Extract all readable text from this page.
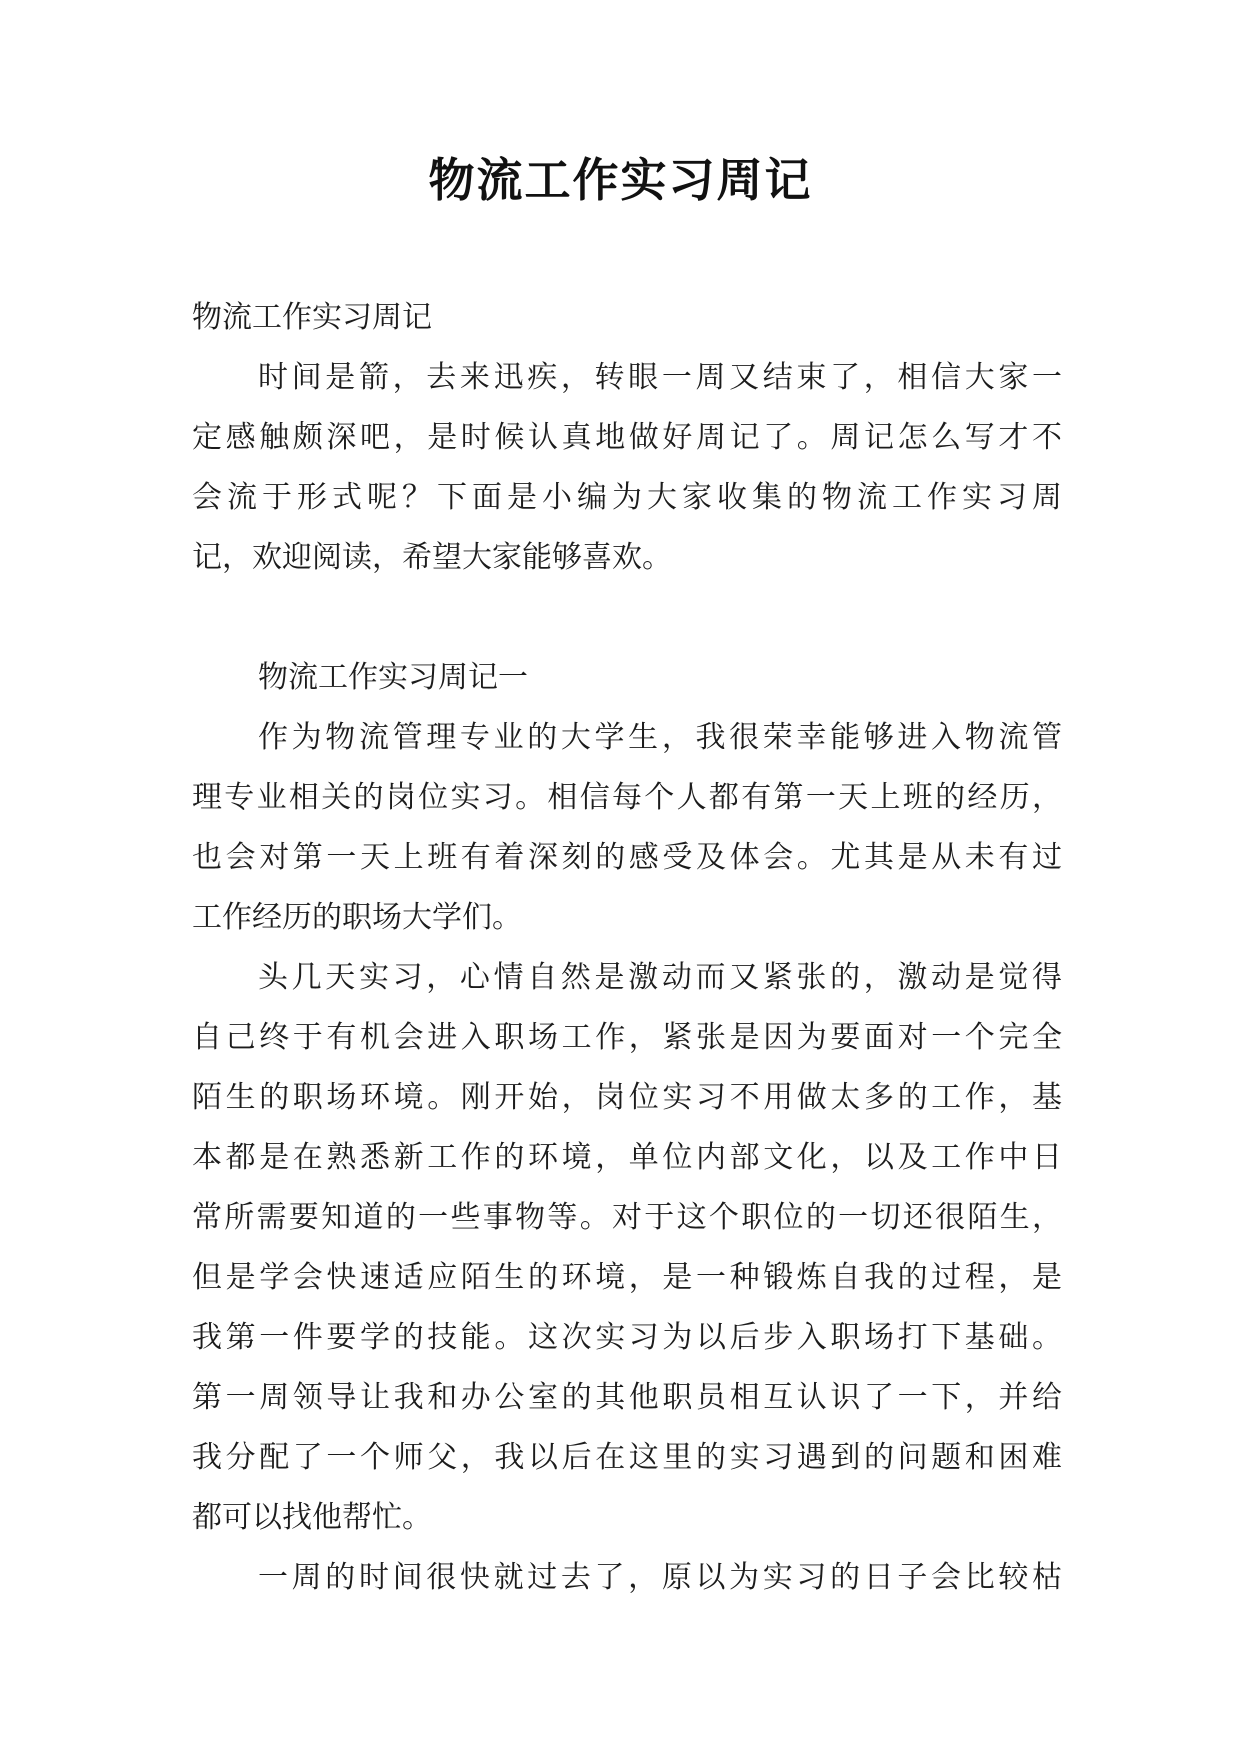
物流工作实习周记
物流工作实习周记
时间是箭，去来迅疾，转眼一周又结束了，相信大家一
定感触颇深吧，是时候认真地做好周记了。周记怎么写才不
会流于形式呢？下面是小编为大家收集的物流工作实习周
记，欢迎阅读，希望大家能够喜欢。
物流工作实习周记一
作为物流管理专业的大学生，我很荣幸能够进入物流管
理专业相关的岗位实习。相信每个人都有第一天上班的经历，
也会对第一天上班有着深刻的感受及体会。尤其是从未有过
工作经历的职场大学们。
头几天实习，心情自然是激动而又紧张的，激动是觉得
自己终于有机会进入职场工作，紧张是因为要面对一个完全
陌生的职场环境。刚开始，岗位实习不用做太多的工作，基
本都是在熟悉新工作的环境，单位内部文化，以及工作中日
常所需要知道的一些事物等。对于这个职位的一切还很陌生，
但是学会快速适应陌生的环境，是一种锻炼自我的过程，是
我第一件要学的技能。这次实习为以后步入职场打下基础。
第一周领导让我和办公室的其他职员相互认识了一下，并给
我分配了一个师父，我以后在这里的实习遇到的问题和困难
都可以找他帮忙。
一周的时间很快就过去了，原以为实习的日子会比较枯
